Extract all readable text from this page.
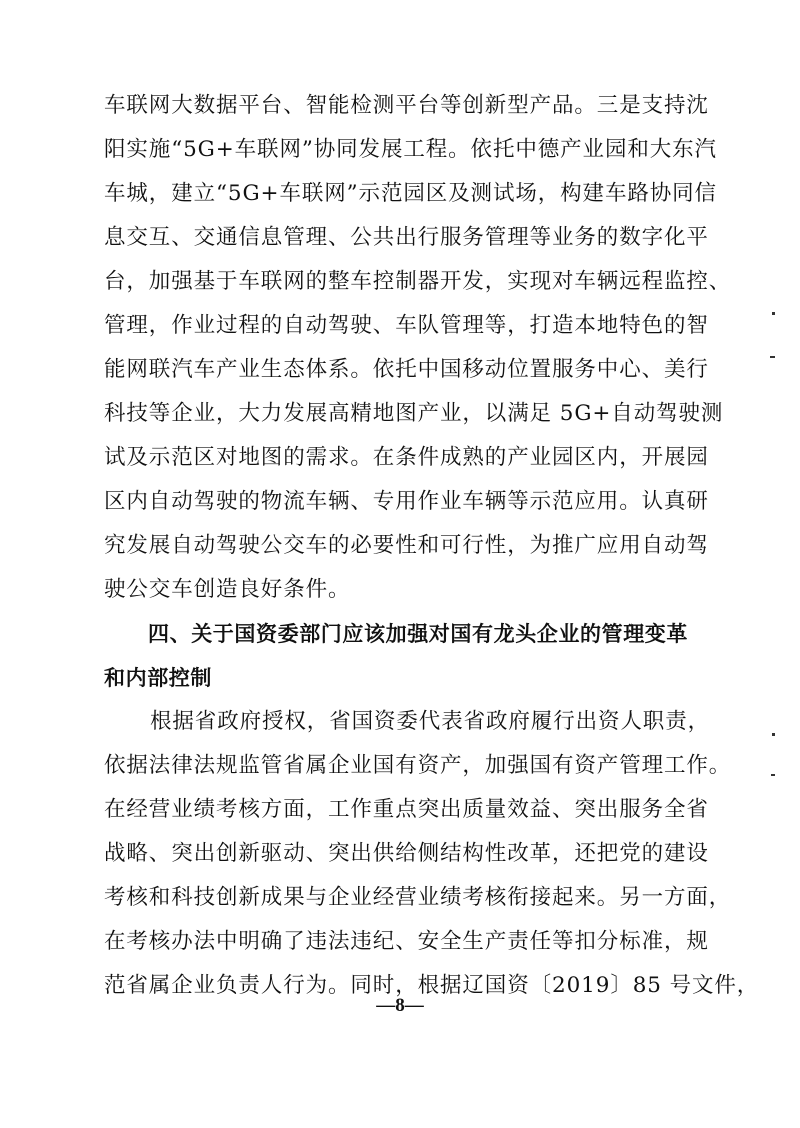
车联网大数据平台、智能检测平台等创新型产品。三是支持沈
阳实施“5G+车联网”协同发展工程。依托中德产业园和大东汽
车城，建立“5G+车联网”示范园区及测试场，构建车路协同信
息交互、交通信息管理、公共出行服务管理等业务的数字化平
台，加强基于车联网的整车控制器开发，实现对车辆远程监控、
管理，作业过程的自动驾驶、车队管理等，打造本地特色的智
能网联汽车产业生态体系。依托中国移动位置服务中心、美行
科技等企业，大力发展高精地图产业，以满足 5G+自动驾驶测
试及示范区对地图的需求。在条件成熟的产业园区内，开展园
区内自动驾驶的物流车辆、专用作业车辆等示范应用。认真研
究发展自动驾驶公交车的必要性和可行性，为推广应用自动驾
驶公交车创造良好条件。
四、关于国资委部门应该加强对国有龙头企业的管理变革
和内部控制
根据省政府授权，省国资委代表省政府履行出资人职责，
依据法律法规监管省属企业国有资产，加强国有资产管理工作。
在经营业绩考核方面，工作重点突出质量效益、突出服务全省
战略、突出创新驱动、突出供给侧结构性改革，还把党的建设
考核和科技创新成果与企业经营业绩考核衔接起来。另一方面，
在考核办法中明确了违法违纪、安全生产责任等扣分标准，规
范省属企业负责人行为。同时，根据辽国资〔2019〕85 号文件，
—8—
